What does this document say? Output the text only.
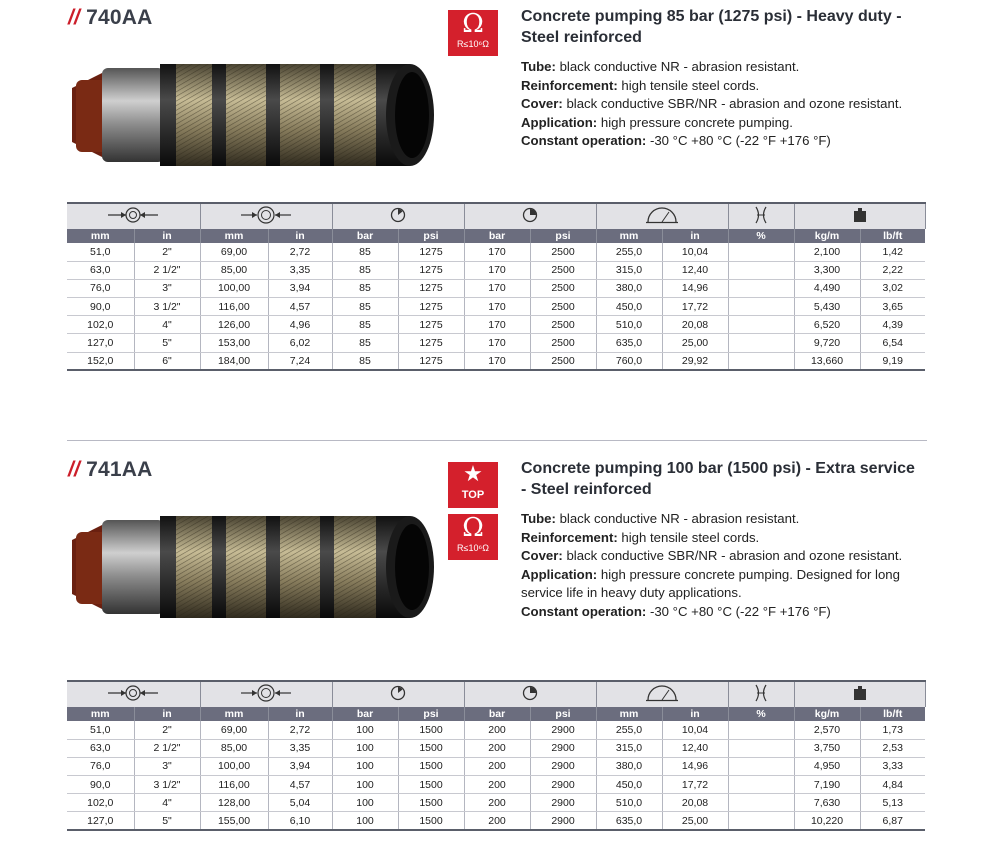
// 740AA	Ω
R≤10⁶Ω
Concrete pumping 85 bar (1275 psi) - Heavy duty - Steel reinforced

Tube: black conductive NR - abrasion resistant.

Reinforcement: high tensile steel cords.

Cover: black conductive SBR/NR - abrasion and ozone resistant.

Application: high pressure concrete pumping.

Constant operation: -30 °C +80 °C (-22 °F +176 °F)

mm	in	mm	in	bar	psi	bar	psi	mm	in	%	kg/m	lb/ft
51,0	2"	69,00	2,72	85	1275	170	2500	255,0	10,04		2,100	1,42
63,0	2 1/2"	85,00	3,35	85	1275	170	2500	315,0	12,40		3,300	2,22
76,0	3"	100,00	3,94	85	1275	170	2500	380,0	14,96		4,490	3,02
90,0	3 1/2"	116,00	4,57	85	1275	170	2500	450,0	17,72		5,430	3,65
102,0	4"	126,00	4,96	85	1275	170	2500	510,0	20,08		6,520	4,39
127,0	5"	153,00	6,02	85	1275	170	2500	635,0	25,00		9,720	6,54
152,0	6"	184,00	7,24	85	1275	170	2500	760,0	29,92		13,660	9,19
// 741AA	★
TOP
Ω
R≤10⁶Ω
Concrete pumping 100 bar (1500 psi) - Extra service - Steel reinforced

Tube: black conductive NR - abrasion resistant.

Reinforcement: high tensile steel cords.

Cover: black conductive SBR/NR - abrasion and ozone resistant.

Application: high pressure concrete pumping. Designed for long service life in heavy duty applications.

Constant operation: -30 °C +80 °C (-22 °F +176 °F)

mm	in	mm	in	bar	psi	bar	psi	mm	in	%	kg/m	lb/ft
51,0	2"	69,00	2,72	100	1500	200	2900	255,0	10,04		2,570	1,73
63,0	2 1/2"	85,00	3,35	100	1500	200	2900	315,0	12,40		3,750	2,53
76,0	3"	100,00	3,94	100	1500	200	2900	380,0	14,96		4,950	3,33
90,0	3 1/2"	116,00	4,57	100	1500	200	2900	450,0	17,72		7,190	4,84
102,0	4"	128,00	5,04	100	1500	200	2900	510,0	20,08		7,630	5,13
127,0	5"	155,00	6,10	100	1500	200	2900	635,0	25,00		10,220	6,87
